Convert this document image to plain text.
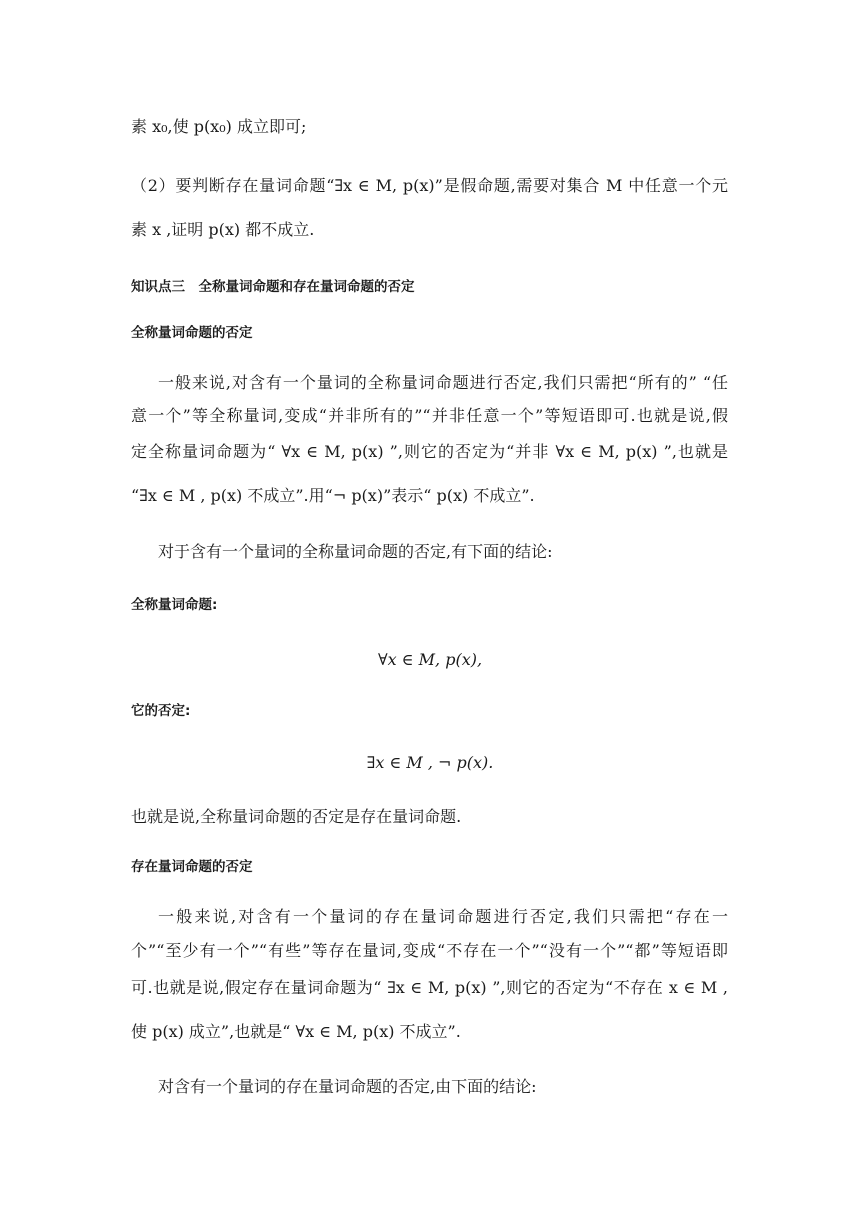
素 x₀,使 p(x₀) 成立即可;
（2）要判断存在量词命题“∃x ∈ M, p(x)”是假命题,需要对集合 M 中任意一个元
素 x ,证明 p(x) 都不成立.
知识点三　全称量词命题和存在量词命题的否定
全称量词命题的否定
一般来说,对含有一个量词的全称量词命题进行否定,我们只需把“所有的” “任
意一个”等全称量词,变成“并非所有的”“并非任意一个”等短语即可.也就是说,假
定全称量词命题为“ ∀x ∈ M, p(x) ”,则它的否定为“并非 ∀x ∈ M, p(x) ”,也就是
“∃x ∈ M , p(x) 不成立”.用“¬ p(x)”表示“ p(x) 不成立”.
对于含有一个量词的全称量词命题的否定,有下面的结论:
全称量词命题:
∀x ∈ M, p(x),
它的否定:
∃x ∈ M , ¬ p(x).
也就是说,全称量词命题的否定是存在量词命题.
存在量词命题的否定
一般来说,对含有一个量词的存在量词命题进行否定,我们只需把“存在一
个”“至少有一个”“有些”等存在量词,变成“不存在一个”“没有一个”“都”等短语即
可.也就是说,假定存在量词命题为“ ∃x ∈ M, p(x) ”,则它的否定为“不存在 x ∈ M ,
使 p(x) 成立”,也就是“ ∀x ∈ M, p(x) 不成立”.
对含有一个量词的存在量词命题的否定,由下面的结论:
